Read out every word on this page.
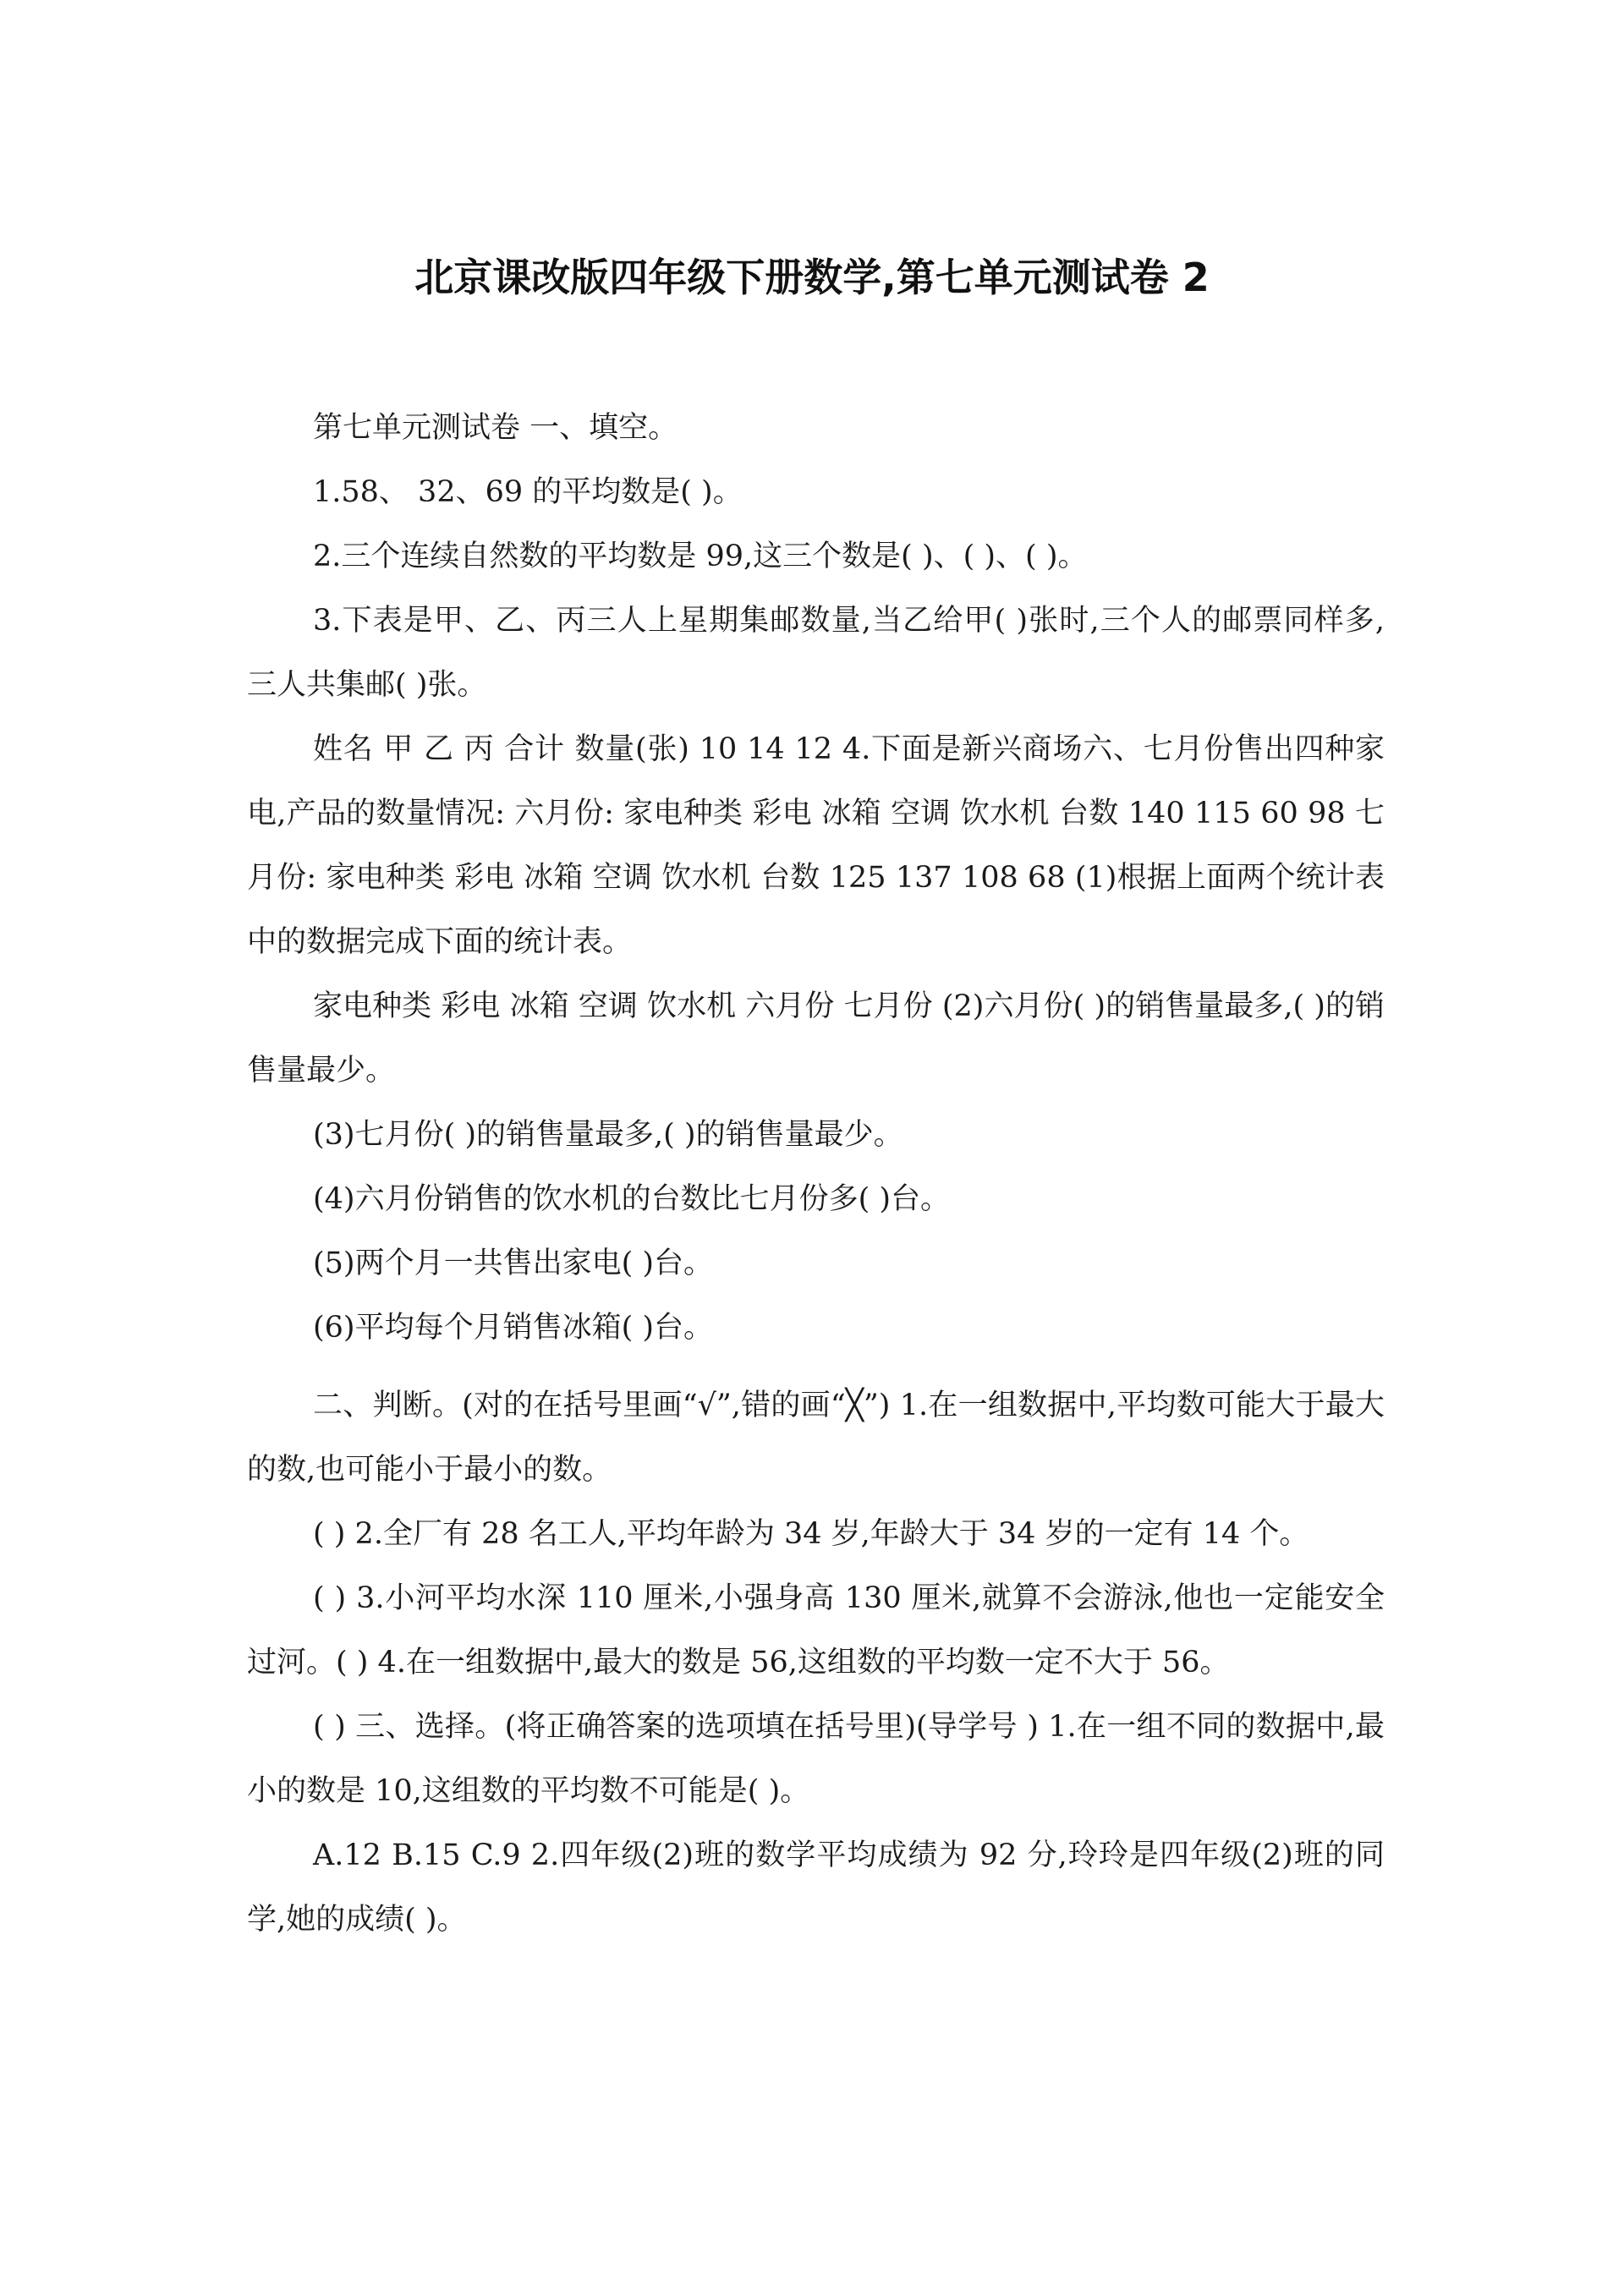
北京课改版四年级下册数学,第七单元测试卷 2

第七单元测试卷 一、填空。

1.58、 32、69 的平均数是( )。

2.三个连续自然数的平均数是 99,这三个数是( )、( )、( )。

3.下表是甲、乙、丙三人上星期集邮数量,当乙给甲( )张时,三个人的邮票同样多, 三人共集邮( )张。

姓名 甲 乙 丙 合计 数量(张) 10 14 12 4.下面是新兴商场六、七月份售出四种家电,产品的数量情况: 六月份: 家电种类 彩电 冰箱 空调 饮水机 台数 140 115 60 98 七月份: 家电种类 彩电 冰箱 空调 饮水机 台数 125 137 108 68 (1)根据上面两个统计表中的数据完成下面的统计表。

家电种类 彩电 冰箱 空调 饮水机 六月份 七月份 (2)六月份( )的销售量最多,( )的销售量最少。

(3)七月份( )的销售量最多,( )的销售量最少。

(4)六月份销售的饮水机的台数比七月份多( )台。

(5)两个月一共售出家电( )台。

(6)平均每个月销售冰箱( )台。

二、判断。(对的在括号里画“√”,错的画“╳”) 1.在一组数据中,平均数可能大于最大的数,也可能小于最小的数。

( ) 2.全厂有 28 名工人,平均年龄为 34 岁,年龄大于 34 岁的一定有 14 个。

( ) 3.小河平均水深 110 厘米,小强身高 130 厘米,就算不会游泳,他也一定能安全过河。( ) 4.在一组数据中,最大的数是 56,这组数的平均数一定不大于 56。

( ) 三、选择。(将正确答案的选项填在括号里)(导学号 ) 1.在一组不同的数据中,最小的数是 10,这组数的平均数不可能是( )。

A.12 B.15 C.9 2.四年级(2)班的数学平均成绩为 92 分,玲玲是四年级(2)班的同学,她的成绩( )。
